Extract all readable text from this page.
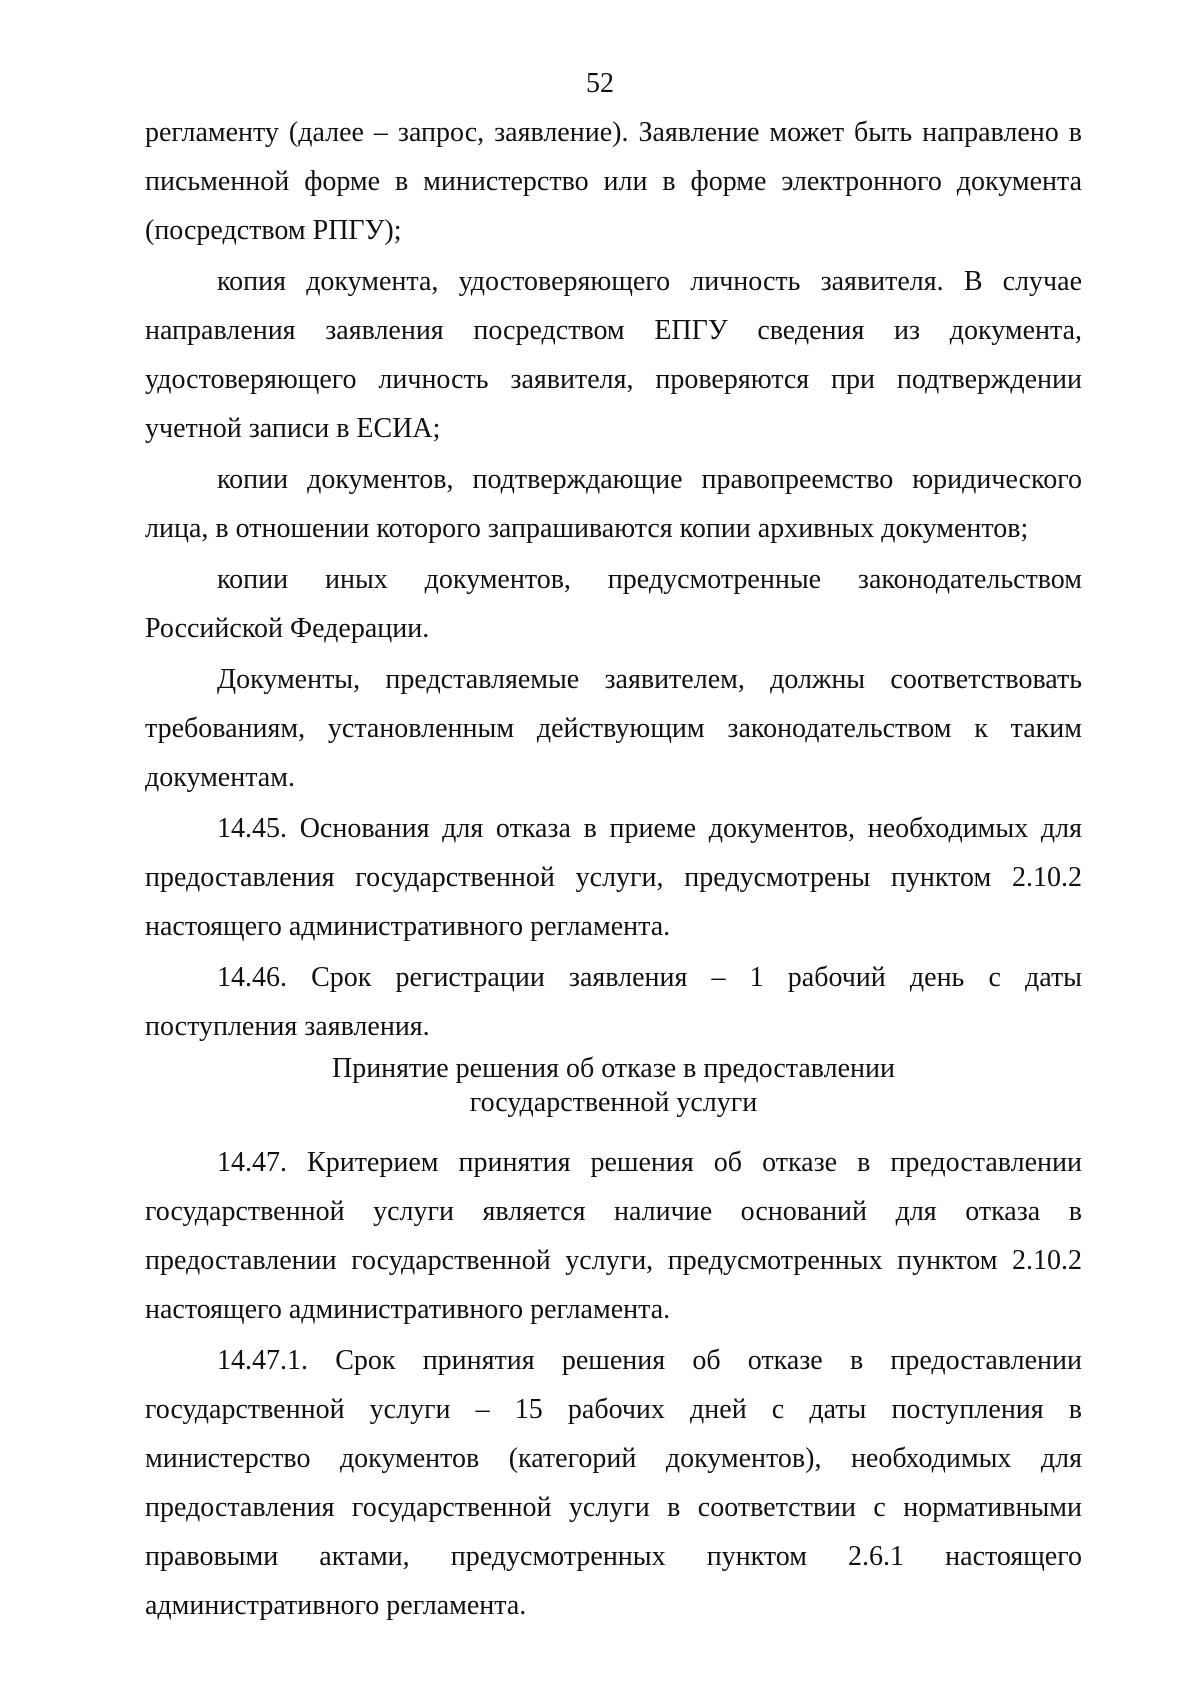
52

регламенту (далее – запрос, заявление). Заявление может быть направлено в письменной форме в министерство или в форме электронного документа (посредством РПГУ);

копия документа, удостоверяющего личность заявителя. В случае направления заявления посредством ЕПГУ сведения из документа, удостоверяющего личность заявителя, проверяются при подтверждении учетной записи в ЕСИА;

копии документов, подтверждающие правопреемство юридического лица, в отношении которого запрашиваются копии архивных документов;

копии иных документов, предусмотренные законодательством Российской Федерации.

Документы, представляемые заявителем, должны соответствовать требованиям, установленным действующим законодательством к таким документам.

14.45. Основания для отказа в приеме документов, необходимых для предоставления государственной услуги, предусмотрены пунктом 2.10.2 настоящего административного регламента.

14.46. Срок регистрации заявления – 1 рабочий день с даты поступления заявления.

Принятие решения об отказе в предоставлении
государственной услуги

14.47. Критерием принятия решения об отказе в предоставлении государственной услуги является наличие оснований для отказа в предоставлении государственной услуги, предусмотренных пунктом 2.10.2 настоящего административного регламента.

14.47.1. Срок принятия решения об отказе в предоставлении государственной услуги – 15 рабочих дней с даты поступления в министерство документов (категорий документов), необходимых для предоставления государственной услуги в соответствии с нормативными правовыми актами, предусмотренных пунктом 2.6.1 настоящего административного регламента.
